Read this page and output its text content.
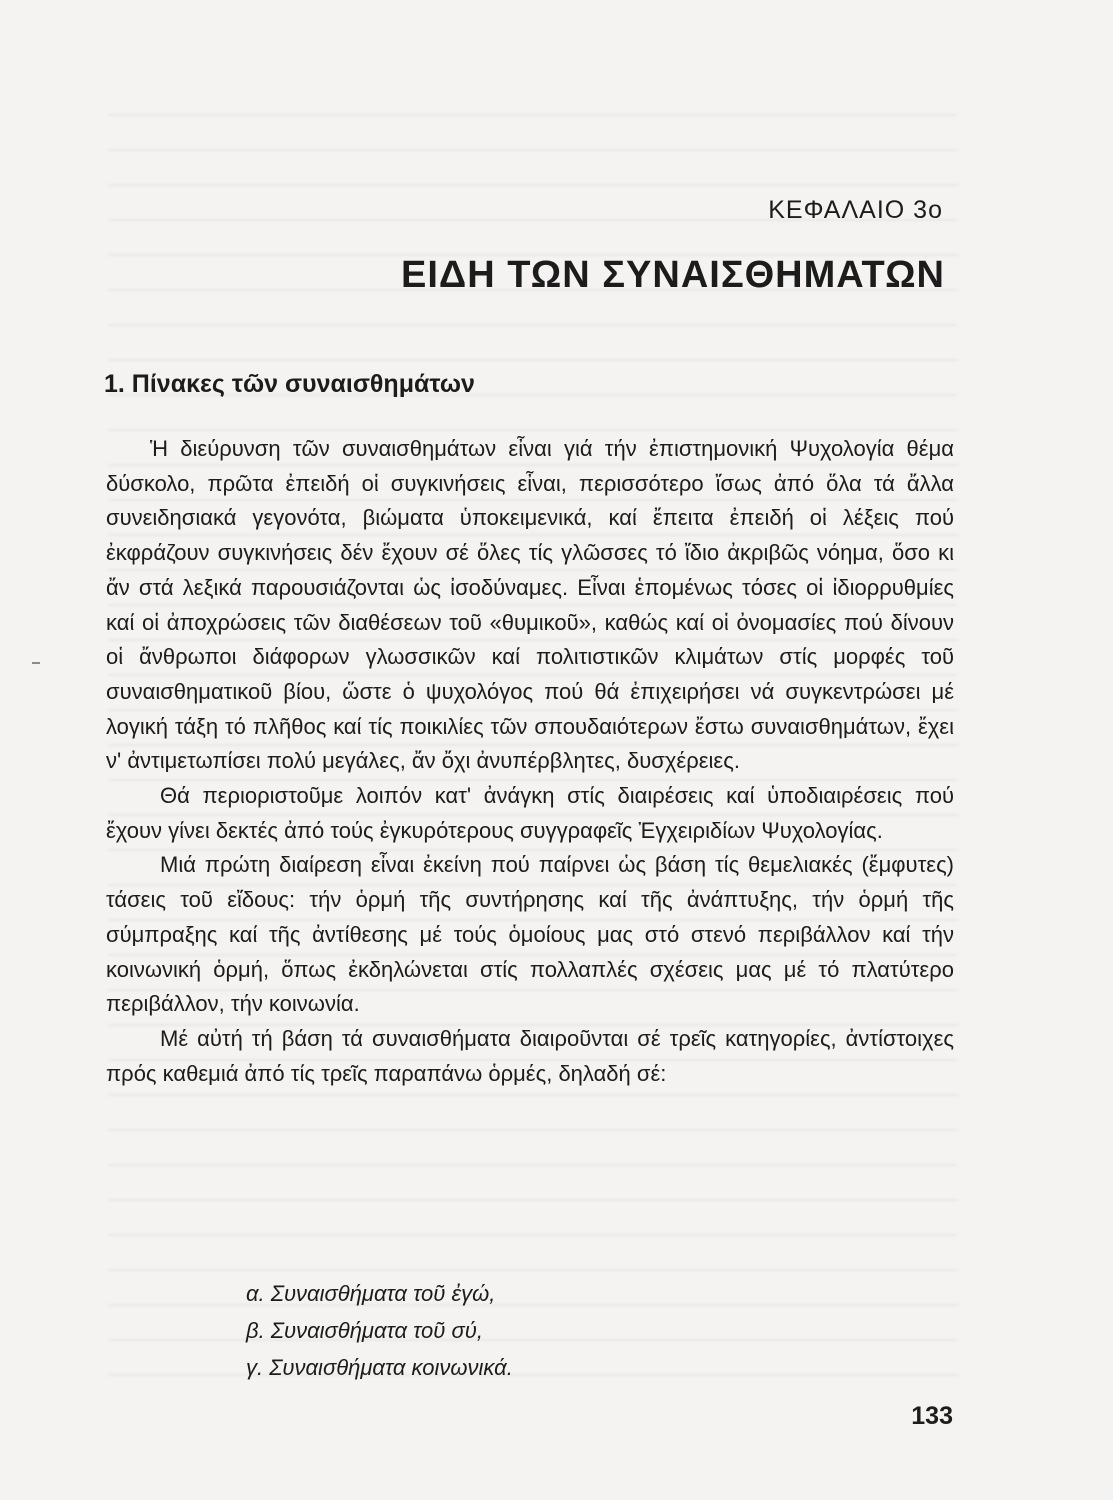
ΚΕΦΑΛΑΙΟ 3ο
ΕΙΔΗ ΤΩΝ ΣΥΝΑΙΣΘΗΜΑΤΩΝ
1. Πίνακες τῶν συναισθημάτων

Ἡ διεύρυνση τῶν συναισθημάτων εἶναι γιά τήν ἐπιστημονική Ψυχολογία θέμα δύσκολο, πρῶτα ἐπειδή οἱ συγκινήσεις εἶναι, περισσότερο ἴσως ἀπό ὅλα τά ἄλλα συνειδησιακά γεγονότα, βιώματα ὑποκειμενικά, καί ἔπειτα ἐπειδή οἱ λέξεις πού ἐκφράζουν συγκινήσεις δέν ἔχουν σέ ὅλες τίς γλῶσσες τό ἴδιο ἀκριβῶς νόημα, ὅσο κι ἄν στά λεξικά παρουσιάζονται ὡς ἰσοδύναμες. Εἶναι ἑπομένως τόσες οἱ ἰδιορρυθμίες καί οἱ ἀποχρώσεις τῶν διαθέσεων τοῦ «θυμικοῦ», καθώς καί οἱ ὀνομασίες πού δίνουν οἱ ἄνθρωποι διάφορων γλωσσικῶν καί πολιτιστικῶν κλιμάτων στίς μορφές τοῦ συναισθηματικοῦ βίου, ὥστε ὁ ψυχολόγος πού θά ἐπιχειρήσει νά συγκεντρώσει μέ λογική τάξη τό πλῆθος καί τίς ποικιλίες τῶν σπουδαιότερων ἔστω συναισθημάτων, ἔχει ν' ἀντιμετωπίσει πολύ μεγάλες, ἄν ὄχι ἀνυπέρβλητες, δυσχέρειες.

Θά περιοριστοῦμε λοιπόν κατ' ἀνάγκη στίς διαιρέσεις καί ὑποδιαιρέσεις πού ἔχουν γίνει δεκτές ἀπό τούς ἐγκυρότερους συγγραφεῖς Ἐγχειριδίων Ψυχολογίας.

Μιά πρώτη διαίρεση εἶναι ἐκείνη πού παίρνει ὡς βάση τίς θεμελιακές (ἔμφυτες) τάσεις τοῦ εἴδους: τήν ὁρμή τῆς συντήρησης καί τῆς ἀνάπτυξης, τήν ὁρμή τῆς σύμπραξης καί τῆς ἀντίθεσης μέ τούς ὁμοίους μας στό στενό περιβάλλον καί τήν κοινωνική ὁρμή, ὅπως ἐκδηλώνεται στίς πολλαπλές σχέσεις μας μέ τό πλατύτερο περιβάλλον, τήν κοινωνία.

Μέ αὐτή τή βάση τά συναισθήματα διαιροῦνται σέ τρεῖς κατηγορίες, ἀντίστοιχες πρός καθεμιά ἀπό τίς τρεῖς παραπάνω ὁρμές, δηλαδή σέ:

α. Συναισθήματα τοῦ ἐγώ,
β. Συναισθήματα τοῦ σύ,
γ. Συναισθήματα κοινωνικά.
133
